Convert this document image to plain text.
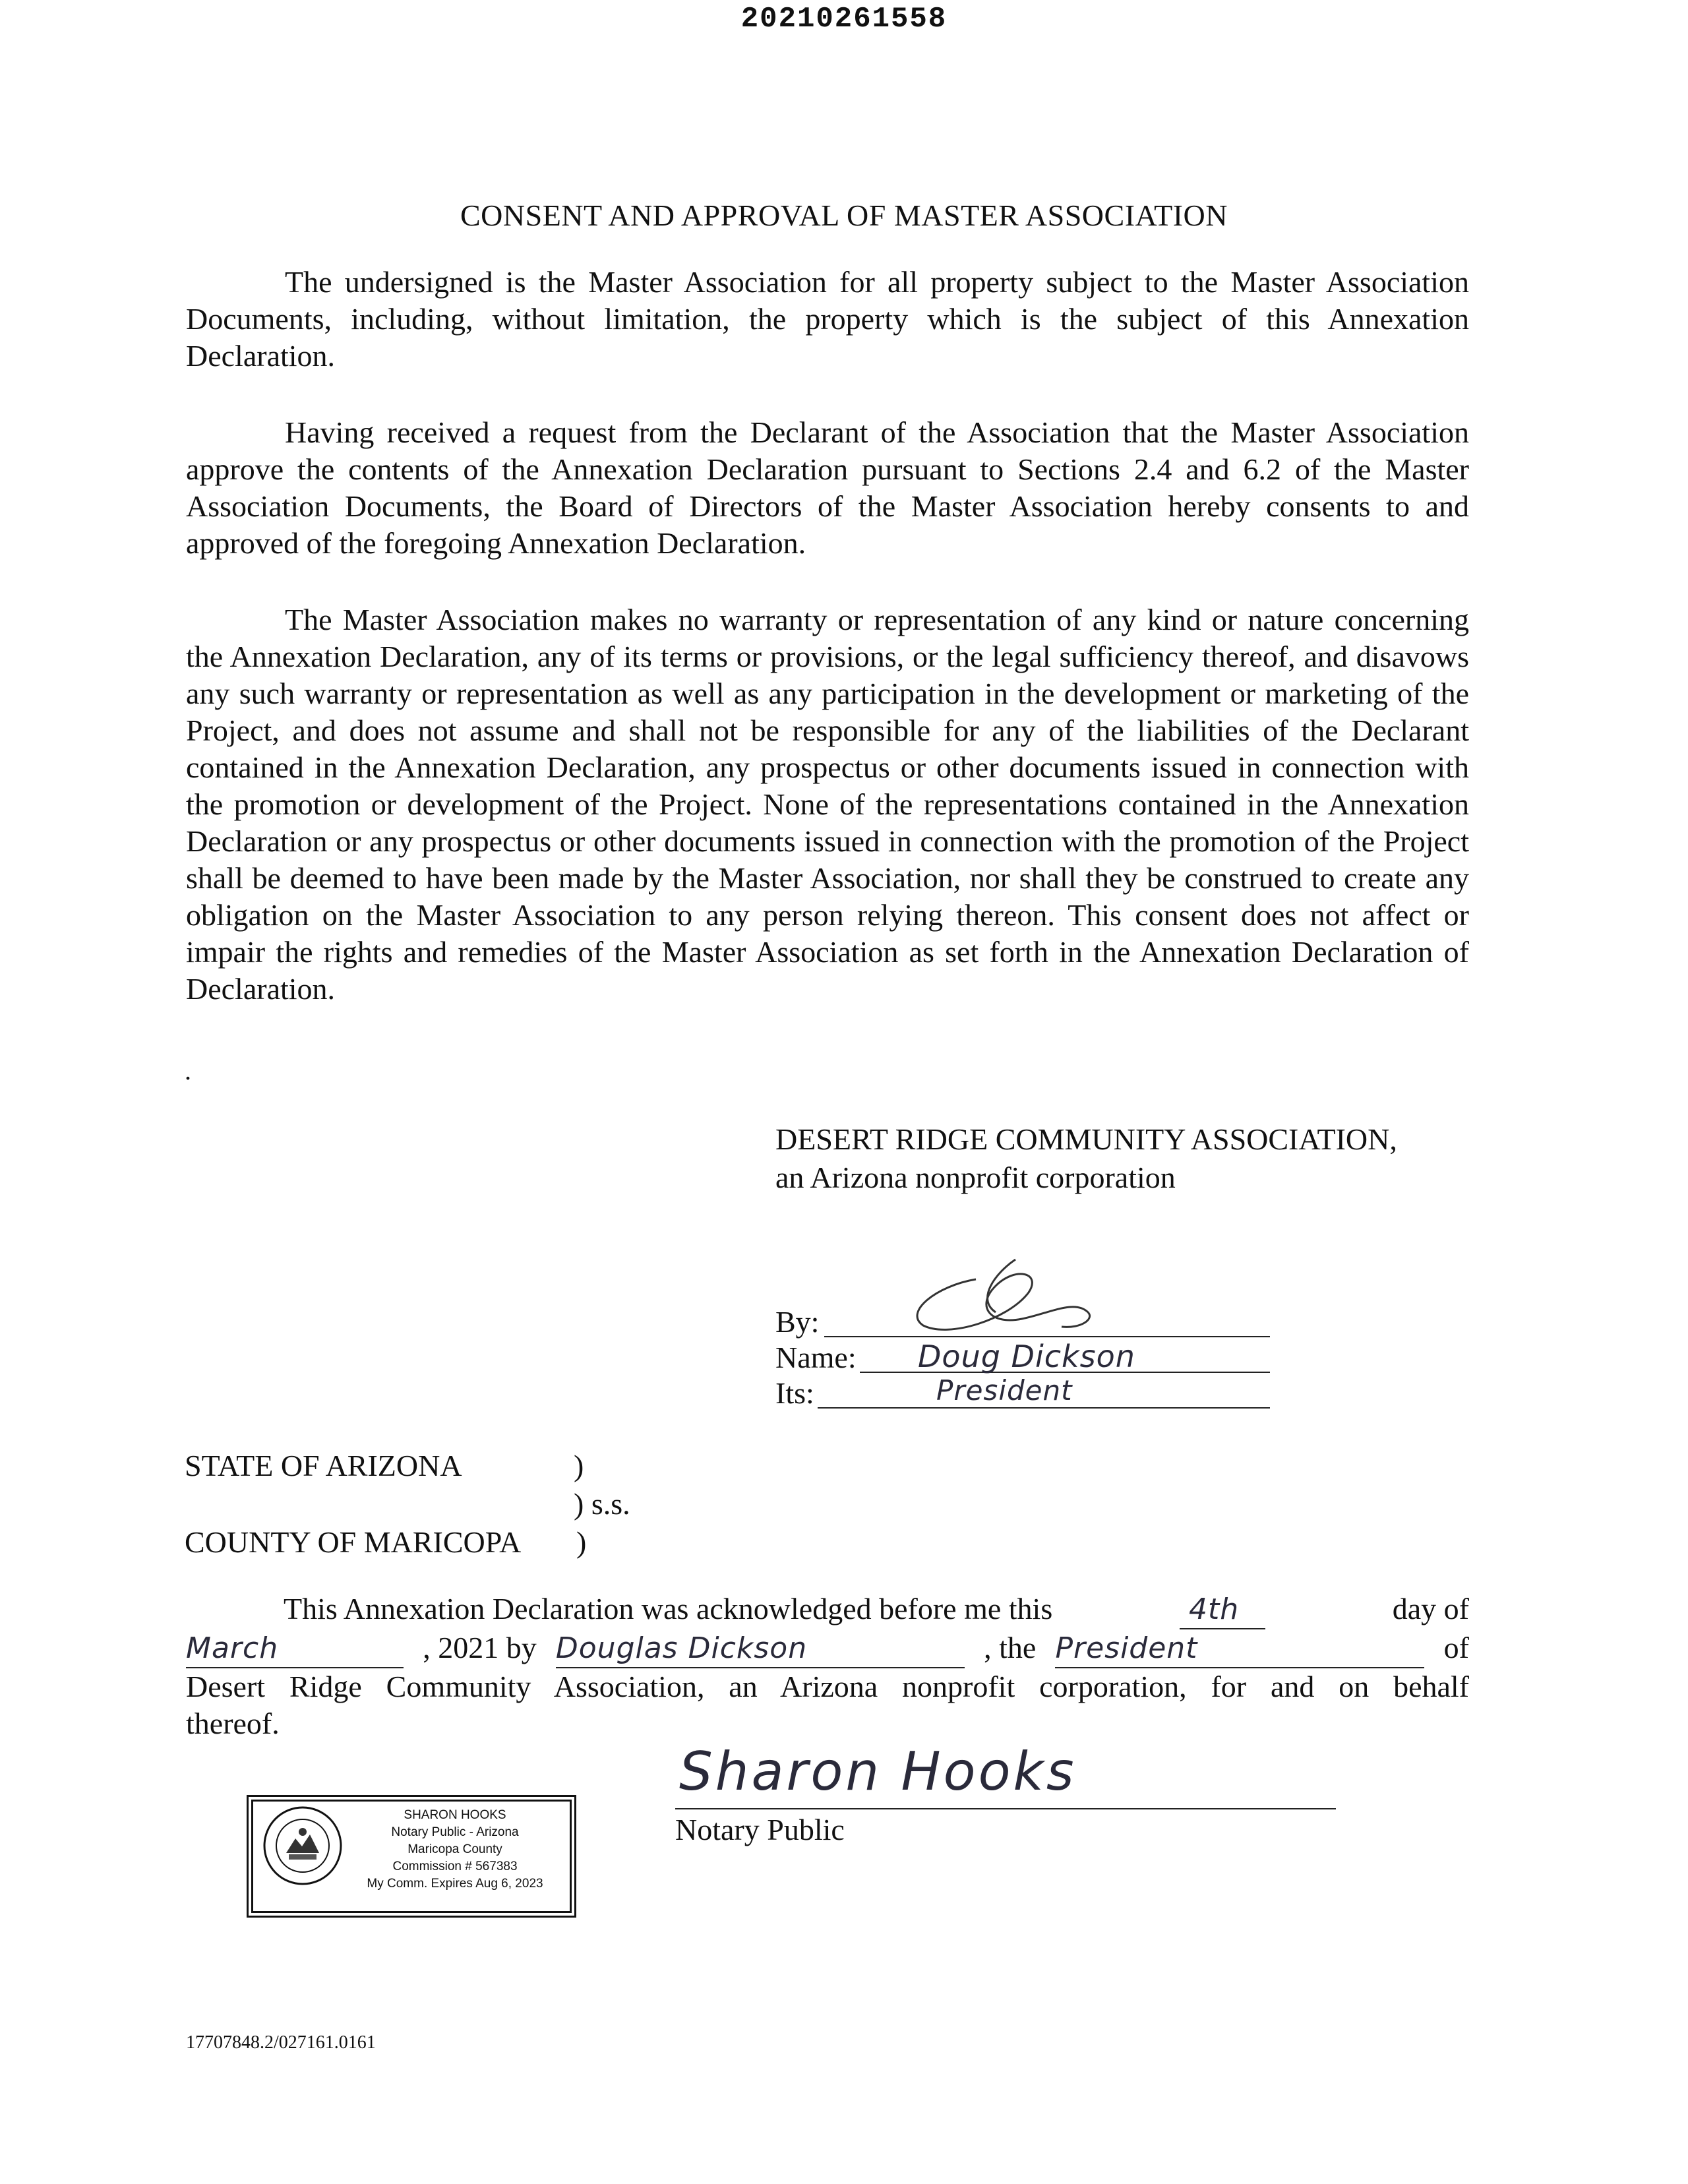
20210261558
CONSENT AND APPROVAL OF MASTER ASSOCIATION

The undersigned is the Master Association for all property subject to the Master Association Documents, including, without limitation, the property which is the subject of this Annexation Declaration.

Having received a request from the Declarant of the Association that the Master Association approve the contents of the Annexation Declaration pursuant to Sections 2.4 and 6.2 of the Master Association Documents, the Board of Directors of the Master Association hereby consents to and approved of the foregoing Annexation Declaration.

The Master Association makes no warranty or representation of any kind or nature concerning the Annexation Declaration, any of its terms or provisions, or the legal sufficiency thereof, and disavows any such warranty or representation as well as any participation in the development or marketing of the Project, and does not assume and shall not be responsible for any of the liabilities of the Declarant contained in the Annexation Declaration, any prospectus or other documents issued in connection with the promotion or development of the Project. None of the representations contained in the Annexation Declaration or any prospectus or other documents issued in connection with the promotion of the Project shall be deemed to have been made by the Master Association, nor shall they be construed to create any obligation on the Master Association to any person relying thereon. This consent does not affect or impair the rights and remedies of the Master Association as set forth in the Annexation Declaration of Declaration.

.
DESERT RIDGE COMMUNITY ASSOCIATION,
an Arizona nonprofit corporation
By:
Name: Doug Dickson
Its:	President
STATE OF ARIZONA	)
) s.s.
COUNTY OF MARICOPA )
This Annexation Declaration was acknowledged before me this	4th	day of
March	, 2021 by Douglas Dickson	, the President	of
Desert Ridge Community Association, an Arizona nonprofit corporation, for and on behalf
thereof.
Sharon Hooks
Notary Public
SHARON HOOKS
Notary Public - Arizona
Maricopa County
Commission # 567383
My Comm. Expires Aug 6, 2023
17707848.2/027161.0161
